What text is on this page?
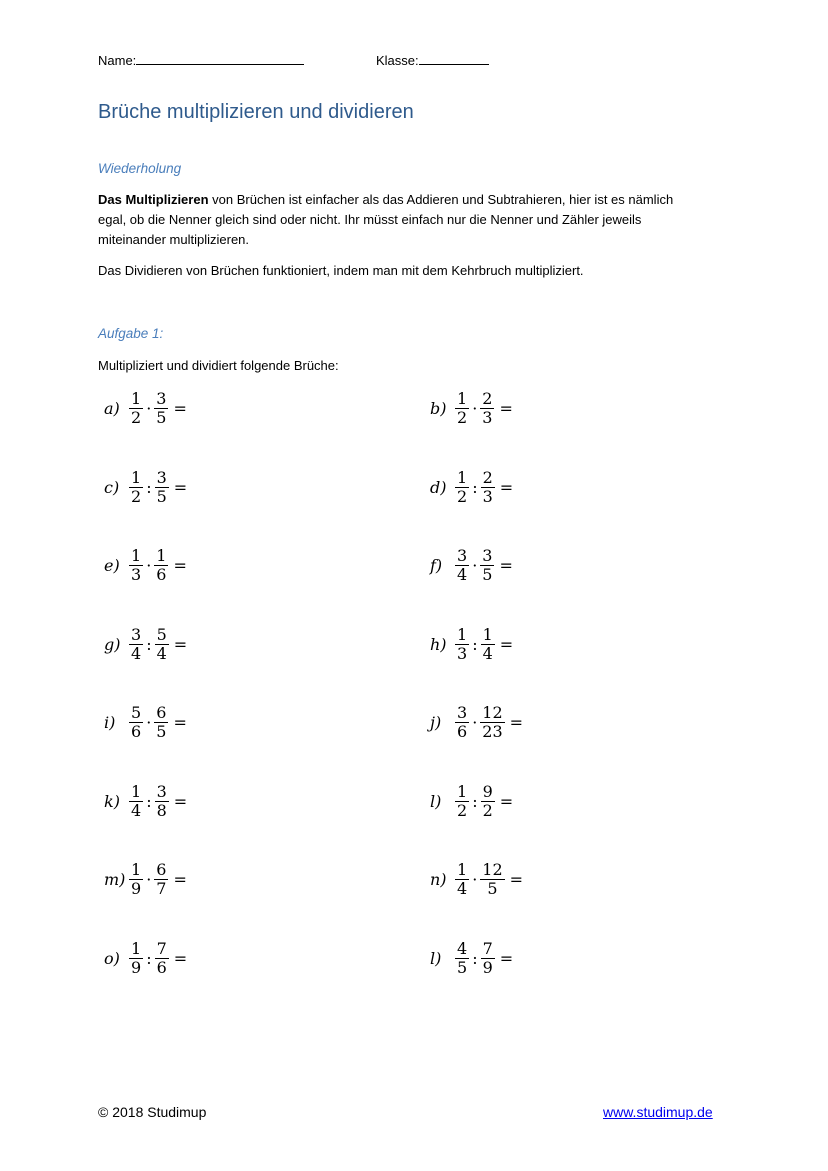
Name:	Klasse:
Brüche multiplizieren und dividieren
Wiederholung
Das Multiplizieren von Brüchen ist einfacher als das Addieren und Subtrahieren, hier ist es nämlich
egal, ob die Nenner gleich sind oder nicht. Ihr müsst einfach nur die Nenner und Zähler jeweils
miteinander multiplizieren.
Das Dividieren von Brüchen funktioniert, indem man mit dem Kehrbruch multipliziert.
Aufgabe 1:
Multipliziert und dividiert folgende Brüche:
$a) \frac{1}{2} \cdot \frac{3}{5}$ =	$b) \frac{1}{2} \cdot \frac{2}{3}$ =
$c) \frac{1}{2}$ : $\frac{3}{5}$ =	$d) \frac{1}{2}$ : $\frac{2}{3}$ =
$e) \frac{1}{3} \cdot \frac{1}{6}$ =	$f) \frac{3}{4} \cdot \frac{3}{5}$ =
$g) \frac{3}{4}$ : $\frac{5}{4}$ =	$h) \frac{1}{3}$ : $\frac{1}{4}$ =
$i) \frac{5}{6} \cdot \frac{6}{5}$ =	$j) \frac{3}{6} \cdot \frac{12}{23}$ =
$k) \frac{1}{4}$ : $\frac{3}{8}$ =	$l) \frac{1}{2}$ : $\frac{9}{2}$ =
$m) \frac{1}{9} \cdot \frac{6}{7}$ =	$n) \frac{1}{4} \cdot \frac{12}{5}$ =
$o) \frac{1}{9}$ : $\frac{7}{6}$ =	$l) \frac{4}{5}$ : $\frac{7}{9}$ =
© 2018 Studimup	www.studimup.de
